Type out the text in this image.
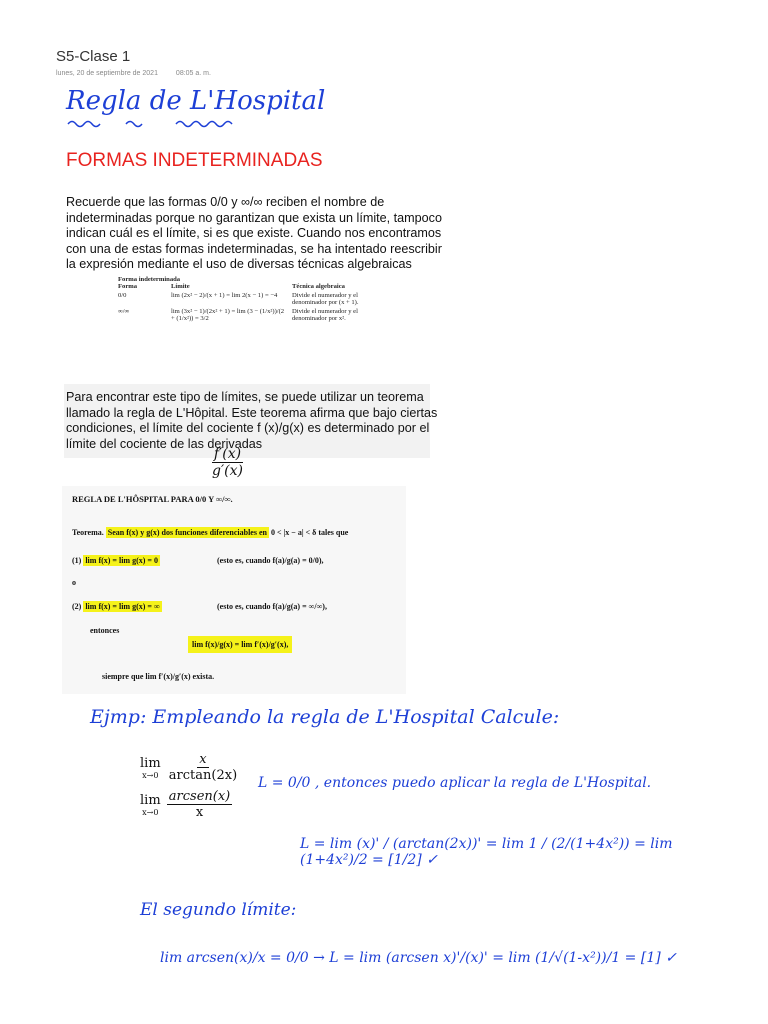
S5-Clase 1
lunes, 20 de septiembre de 2021	08:05 a. m.
Regla de L'Hospital
FORMAS INDETERMINADAS
Recuerde que las formas 0/0 y ∞/∞ reciben el nombre de indeterminadas porque no garantizan que exista un límite, tampoco indican cuál es el límite, si es que existe. Cuando nos encontramos con una de estas formas indeterminadas, se ha intentado reescribir la expresión mediante el uso de diversas técnicas algebraicas
Forma indeterminada
Forma	Límite	Técnica algebraica
0/0	lim (2x² − 2)/(x + 1) = lim 2(x − 1) = −4	Divide el numerador y el denominador por (x + 1).
∞/∞	lim (3x² − 1)/(2x² + 1) = lim (3 − (1/x²))/(2 + (1/x²)) = 3/2	Divide el numerador y el denominador por x².
Para encontrar este tipo de límites, se puede utilizar un teorema llamado la regla de L'Hôpital. Este teorema afirma que bajo ciertas condiciones, el límite del cociente f (x)/g(x) es determinado por el límite del cociente de las derivadas
$\frac{f'(x)}{g'(x)}$
REGLA DE L'HÔSPITAL PARA 0/0 Y ∞/∞.
Teorema. Sean f(x) y g(x) dos funciones diferenciables en 0 < |x − a| < δ tales que
(1) lim f(x) = lim g(x) = 0	(esto es, cuando f(a)/g(a) = 0/0),
o
(2) lim f(x) = lim g(x) = ∞	(esto es, cuando f(a)/g(a) = ∞/∞),
entonces
lim f(x)/g(x) = lim f′(x)/g′(x),
siempre que lim f′(x)/g′(x) exista.
Ejmp: Empleando la regla de L'Hospital Calcule:
lim
x→0
$\frac{x}{\arctan(2x)}$
lim
x→0
$\frac{\text{arcsen(x)}}{x}$
L = 0/0 , entonces puedo aplicar la regla de L'Hospital.
L = lim (x)' / (arctan(2x))' = lim 1 / (2/(1+4x²)) = lim (1+4x²)/2 = [1/2] ✓
El segundo límite:
lim arcsen(x)/x = 0/0 → L = lim (arcsen x)'/(x)' = lim (1/√(1-x²))/1 = [1] ✓
